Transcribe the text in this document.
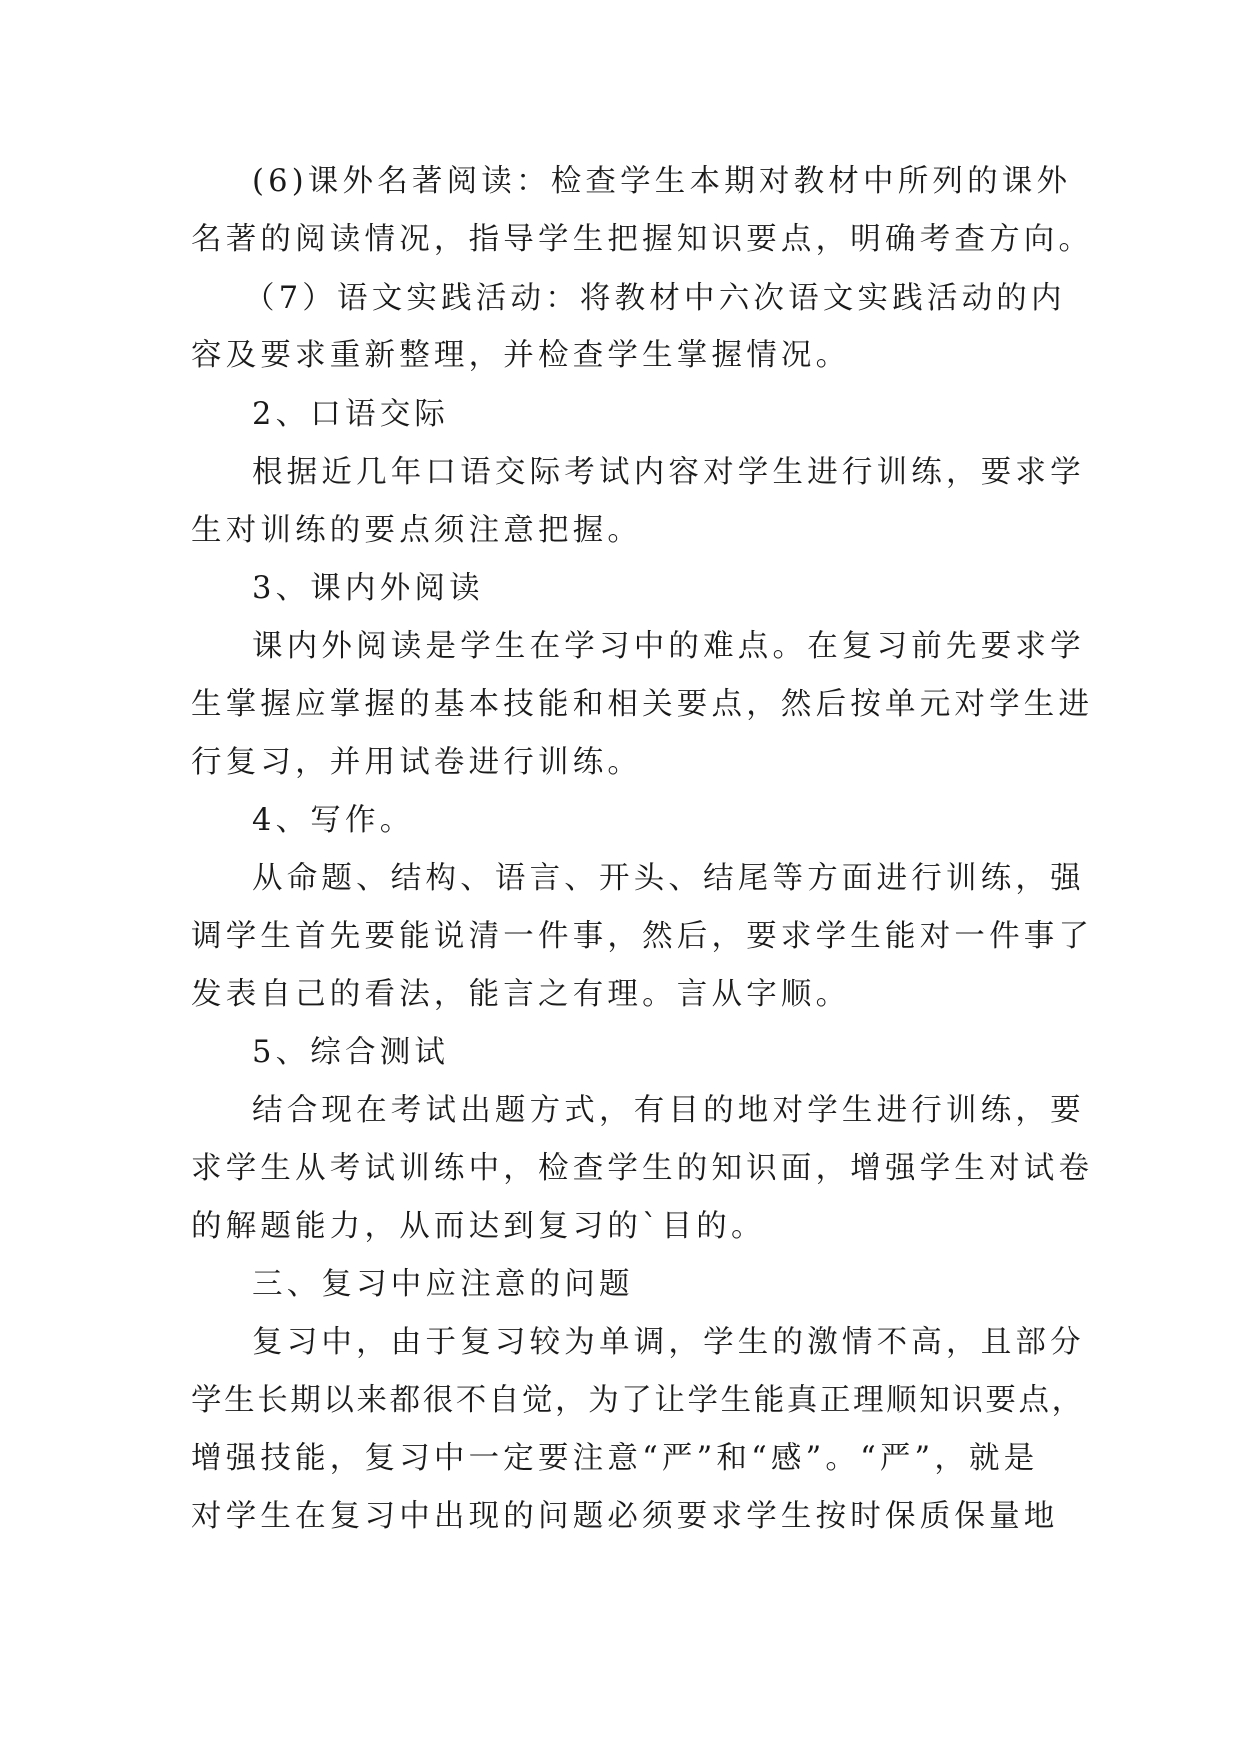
(6)课外名著阅读：检查学生本期对教材中所列的课外
名著的阅读情况，指导学生把握知识要点，明确考查方向。
（7）语文实践活动：将教材中六次语文实践活动的内
容及要求重新整理，并检查学生掌握情况。
2、口语交际
根据近几年口语交际考试内容对学生进行训练，要求学
生对训练的要点须注意把握。
3、课内外阅读
课内外阅读是学生在学习中的难点。在复习前先要求学
生掌握应掌握的基本技能和相关要点，然后按单元对学生进
行复习，并用试卷进行训练。
4、写作。
从命题、结构、语言、开头、结尾等方面进行训练，强
调学生首先要能说清一件事，然后，要求学生能对一件事了
发表自己的看法，能言之有理。言从字顺。
5、综合测试
结合现在考试出题方式，有目的地对学生进行训练，要
求学生从考试训练中，检查学生的知识面，增强学生对试卷
的解题能力，从而达到复习的`目的。
三、复习中应注意的问题
复习中，由于复习较为单调，学生的激情不高，且部分
学生长期以来都很不自觉，为了让学生能真正理顺知识要点，
增强技能，复习中一定要注意“严”和“感”。“严”，就是
对学生在复习中出现的问题必须要求学生按时保质保量地
